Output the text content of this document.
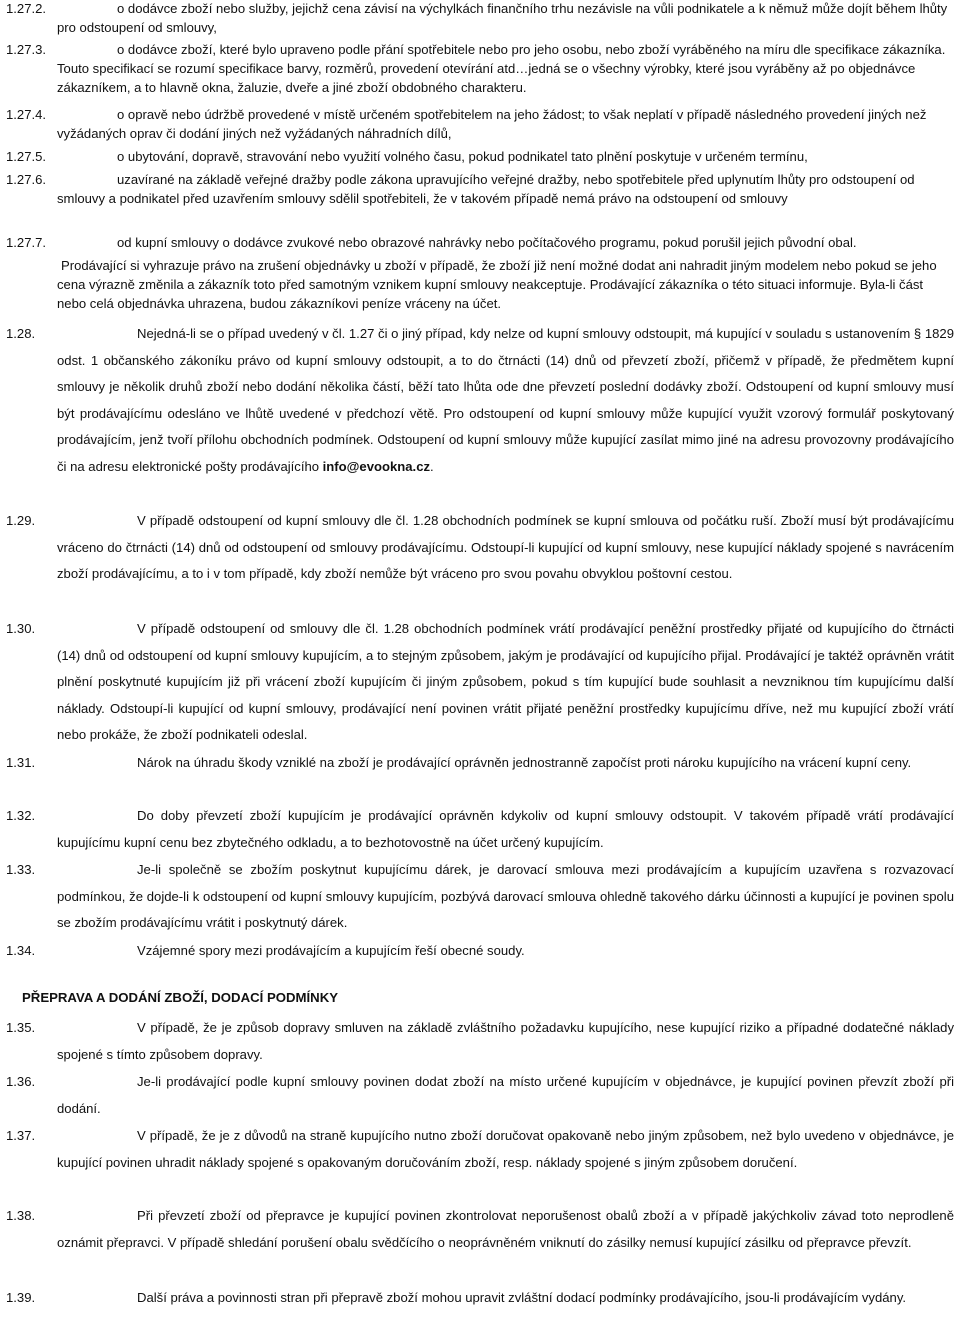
1.27.2.	o dodávce zboží nebo služby, jejichž cena závisí na výchylkách finančního trhu nezávisle na vůli podnikatele a k němuž může dojít během lhůty pro odstoupení od smlouvy,
1.27.3.	o dodávce zboží, které bylo upraveno podle přání spotřebitele nebo pro jeho osobu, nebo zboží vyráběného na míru dle specifikace zákazníka. Touto specifikací se rozumí specifikace barvy, rozměrů, provedení otevírání atd…jedná se o všechny výrobky, které jsou vyráběny až po objednávce zákazníkem, a to hlavně okna, žaluzie, dveře a jiné zboží obdobného charakteru.
1.27.4.	o opravě nebo údržbě provedené v místě určeném spotřebitelem na jeho žádost; to však neplatí v případě následného provedení jiných než vyžádaných oprav či dodání jiných než vyžádaných náhradních dílů,
1.27.5.	o ubytování, dopravě, stravování nebo využití volného času, pokud podnikatel tato plnění poskytuje v určeném termínu,
1.27.6.	uzavírané na základě veřejné dražby podle zákona upravujícího veřejné dražby, nebo spotřebitele před uplynutím lhůty pro odstoupení od smlouvy a podnikatel před uzavřením smlouvy sdělil spotřebiteli, že v takovém případě nemá právo na odstoupení od smlouvy
1.27.7.	od kupní smlouvy o dodávce zvukové nebo obrazové nahrávky nebo počítačového programu, pokud porušil jejich původní obal.
Prodávající si vyhrazuje právo na zrušení objednávky u zboží v případě, že zboží již není možné dodat ani nahradit jiným modelem nebo pokud se jeho cena výrazně změnila a zákazník toto před samotným vznikem kupní smlouvy neakceptuje. Prodávající zákazníka o této situaci informuje. Byla-li část nebo celá objednávka uhrazena, budou zákazníkovi peníze vráceny na účet.
1.28.	Nejedná-li se o případ uvedený v čl. 1.27 či o jiný případ, kdy nelze od kupní smlouvy odstoupit, má kupující v souladu s ustanovením § 1829 odst. 1 občanského zákoníku právo od kupní smlouvy odstoupit, a to do čtrnácti (14) dnů od převzetí zboží, přičemž v případě, že předmětem kupní smlouvy je několik druhů zboží nebo dodání několika částí, běží tato lhůta ode dne převzetí poslední dodávky zboží. Odstoupení od kupní smlouvy musí být prodávajícímu odesláno ve lhůtě uvedené v předchozí větě. Pro odstoupení od kupní smlouvy může kupující využit vzorový formulář poskytovaný prodávajícím, jenž tvoří přílohu obchodních podmínek. Odstoupení od kupní smlouvy může kupující zasílat mimo jiné na adresu provozovny prodávajícího či na adresu elektronické pošty prodávajícího info@evookna.cz.
1.29.	V případě odstoupení od kupní smlouvy dle čl. 1.28 obchodních podmínek se kupní smlouva od počátku ruší. Zboží musí být prodávajícímu vráceno do čtrnácti (14) dnů od odstoupení od smlouvy prodávajícímu. Odstoupí-li kupující od kupní smlouvy, nese kupující náklady spojené s navrácením zboží prodávajícímu, a to i v tom případě, kdy zboží nemůže být vráceno pro svou povahu obvyklou poštovní cestou.
1.30.	V případě odstoupení od smlouvy dle čl. 1.28 obchodních podmínek vrátí prodávající peněžní prostředky přijaté od kupujícího do čtrnácti (14) dnů od odstoupení od kupní smlouvy kupujícím, a to stejným způsobem, jakým je prodávající od kupujícího přijal. Prodávající je taktéž oprávněn vrátit plnění poskytnuté kupujícím již při vrácení zboží kupujícím či jiným způsobem, pokud s tím kupující bude souhlasit a nevzniknou tím kupujícímu další náklady. Odstoupí-li kupující od kupní smlouvy, prodávající není povinen vrátit přijaté peněžní prostředky kupujícímu dříve, než mu kupující zboží vrátí nebo prokáže, že zboží podnikateli odeslal.
1.31.	Nárok na úhradu škody vzniklé na zboží je prodávající oprávněn jednostranně započíst proti nároku kupujícího na vrácení kupní ceny.
1.32.	Do doby převzetí zboží kupujícím je prodávající oprávněn kdykoliv od kupní smlouvy odstoupit. V takovém případě vrátí prodávající kupujícímu kupní cenu bez zbytečného odkladu, a to bezhotovostně na účet určený kupujícím.
1.33.	Je-li společně se zbožím poskytnut kupujícímu dárek, je darovací smlouva mezi prodávajícím a kupujícím uzavřena s rozvazovací podmínkou, že dojde-li k odstoupení od kupní smlouvy kupujícím, pozbývá darovací smlouva ohledně takového dárku účinnosti a kupující je povinen spolu se zbožím prodávajícímu vrátit i poskytnutý dárek.
1.34.	Vzájemné spory mezi prodávajícím a kupujícím řeší obecné soudy.
PŘEPRAVA A DODÁNÍ ZBOŽÍ, DODACÍ PODMÍNKY
1.35.	V případě, že je způsob dopravy smluven na základě zvláštního požadavku kupujícího, nese kupující riziko a případné dodatečné náklady spojené s tímto způsobem dopravy.
1.36.	Je-li prodávající podle kupní smlouvy povinen dodat zboží na místo určené kupujícím v objednávce, je kupující povinen převzít zboží při dodání.
1.37.	V případě, že je z důvodů na straně kupujícího nutno zboží doručovat opakovaně nebo jiným způsobem, než bylo uvedeno v objednávce, je kupující povinen uhradit náklady spojené s opakovaným doručováním zboží, resp. náklady spojené s jiným způsobem doručení.
1.38.	Při převzetí zboží od přepravce je kupující povinen zkontrolovat neporušenost obalů zboží a v případě jakýchkoliv závad toto neprodleně oznámit přepravci. V případě shledání porušení obalu svědčícího o neoprávněném vniknutí do zásilky nemusí kupující zásilku od přepravce převzít.
1.39.	Další práva a povinnosti stran při přepravě zboží mohou upravit zvláštní dodací podmínky prodávajícího, jsou-li prodávajícím vydány.
